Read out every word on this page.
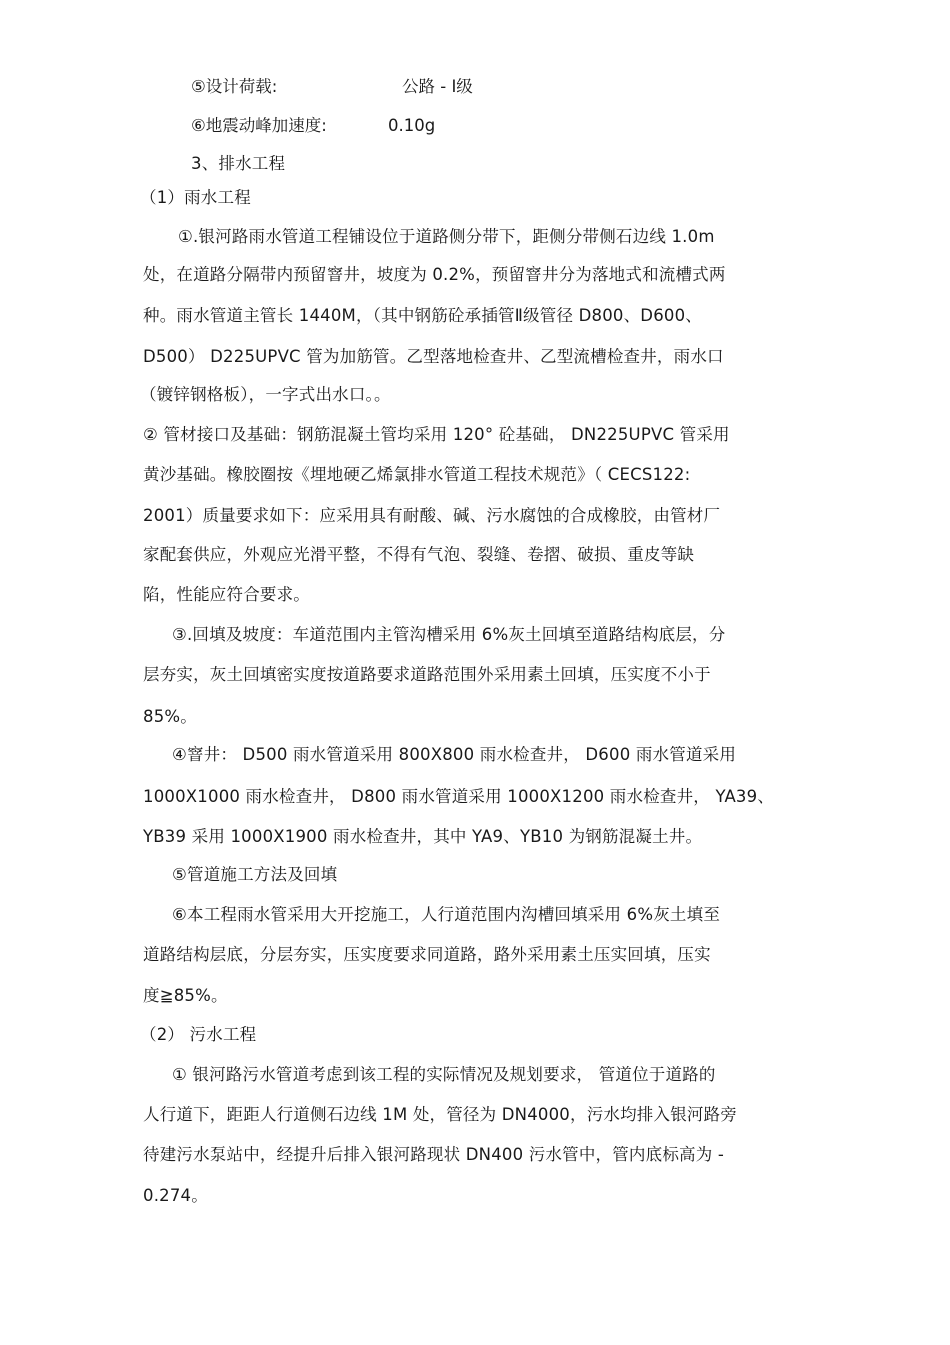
⑤设计荷载:	公路 - Ⅰ级
⑥地震动峰加速度:	0.10g
3、排水工程
（1）雨水工程
①.银河路雨水管道工程铺设位于道路侧分带下，距侧分带侧石边线 1.0m
处，在道路分隔带内预留窨井，坡度为 0.2%，预留窨井分为落地式和流槽式两
种。雨水管道主管长 1440M，（其中钢筋砼承插管Ⅱ级管径 D800、D600、
D500） D225UPVC 管为加筋管。乙型落地检查井、乙型流槽检查井，雨水口
（镀锌钢格板），一字式出水口。。
② 管材接口及基础：钢筋混凝土管均采用 120° 砼基础， DN225UPVC 管采用
黄沙基础。橡胶圈按《埋地硬乙烯氯排水管道工程技术规范》（ CECS122:
2001）质量要求如下：应采用具有耐酸、碱、污水腐蚀的合成橡胶，由管材厂
家配套供应，外观应光滑平整，不得有气泡、裂缝、卷摺、破损、重皮等缺
陷，性能应符合要求。
③.回填及坡度：车道范围内主管沟槽采用 6%灰土回填至道路结构底层，分
层夯实，灰土回填密实度按道路要求道路范围外采用素土回填，压实度不小于
85%。
④窨井： D500 雨水管道采用 800X800 雨水检查井， D600 雨水管道采用
1000X1000 雨水检查井， D800 雨水管道采用 1000X1200 雨水检查井， YA39、
YB39 采用 1000X1900 雨水检查井，其中 YA9、YB10 为钢筋混凝土井。
⑤管道施工方法及回填
⑥本工程雨水管采用大开挖施工，人行道范围内沟槽回填采用 6%灰土填至
道路结构层底，分层夯实，压实度要求同道路，路外采用素土压实回填，压实
度≧85%。
（2） 污水工程
① 银河路污水管道考虑到该工程的实际情况及规划要求， 管道位于道路的
人行道下，距距人行道侧石边线 1M 处，管径为 DN4000，污水均排入银河路旁
待建污水泵站中，经提升后排入银河路现状 DN400 污水管中，管内底标高为 -
0.274。
